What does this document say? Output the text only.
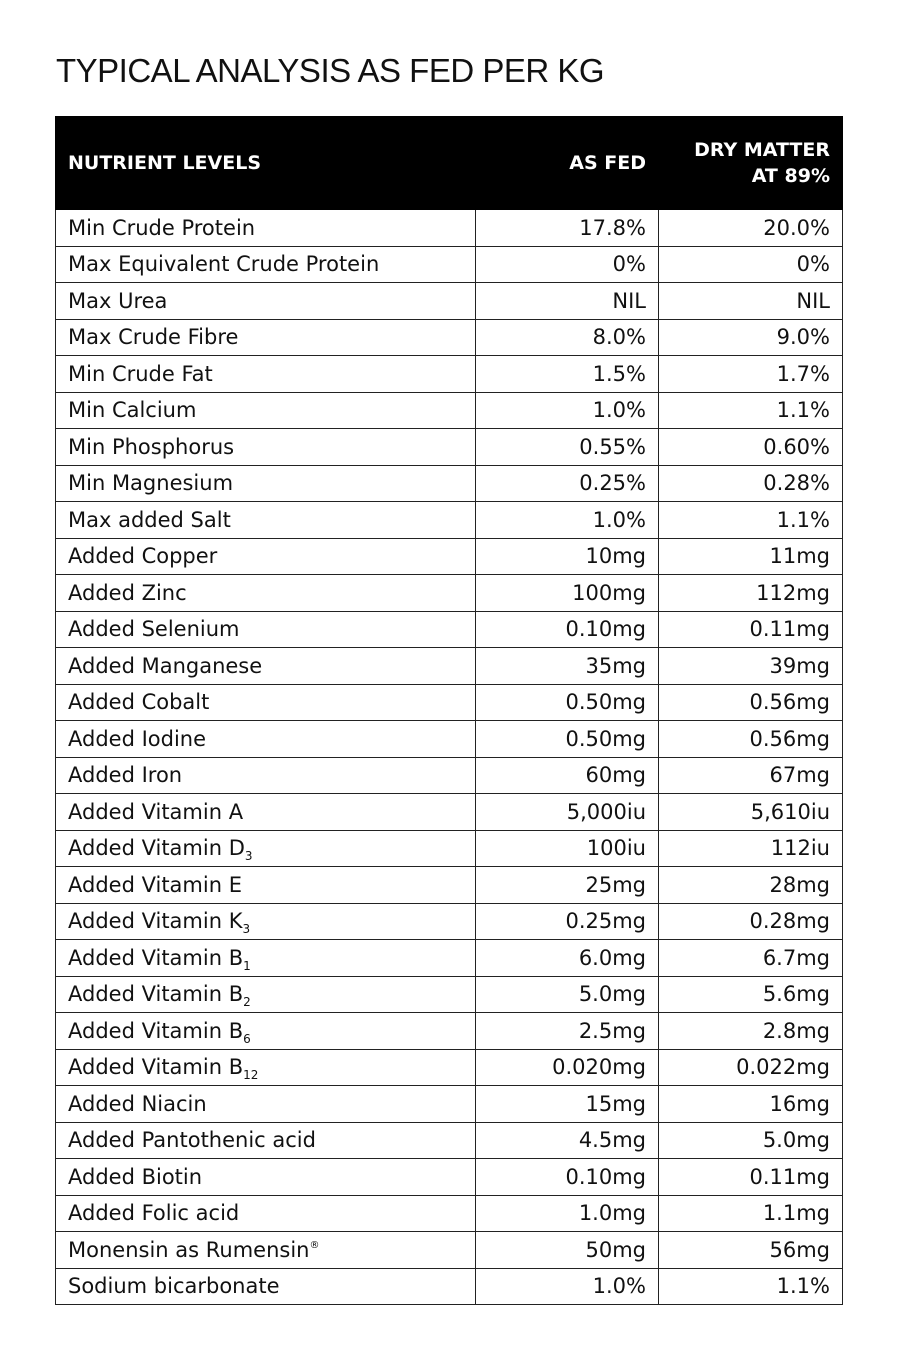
TYPICAL ANALYSIS AS FED PER KG
NUTRIENT LEVELS	AS FED	DRY MATTER
AT 89%
Min Crude Protein	17.8%	20.0%
Max Equivalent Crude Protein	0%	0%
Max Urea	NIL	NIL
Max Crude Fibre	8.0%	9.0%
Min Crude Fat	1.5%	1.7%
Min Calcium	1.0%	1.1%
Min Phosphorus	0.55%	0.60%
Min Magnesium	0.25%	0.28%
Max added Salt	1.0%	1.1%
Added Copper	10mg	11mg
Added Zinc	100mg	112mg
Added Selenium	0.10mg	0.11mg
Added Manganese	35mg	39mg
Added Cobalt	0.50mg	0.56mg
Added Iodine	0.50mg	0.56mg
Added Iron	60mg	67mg
Added Vitamin A	5,000iu	5,610iu
Added Vitamin $D_3$	100iu	112iu
Added Vitamin E	25mg	28mg
Added Vitamin $K_3$	0.25mg	0.28mg
Added Vitamin $B_1$	6.0mg	6.7mg
Added Vitamin $B_2$	5.0mg	5.6mg
Added Vitamin $B_6$	2.5mg	2.8mg
Added Vitamin $B_{12}$	0.020mg	0.022mg
Added Niacin	15mg	16mg
Added Pantothenic acid	4.5mg	5.0mg
Added Biotin	0.10mg	0.11mg
Added Folic acid	1.0mg	1.1mg
Monensin as Rumensin®	50mg	56mg
Sodium bicarbonate	1.0%	1.1%
